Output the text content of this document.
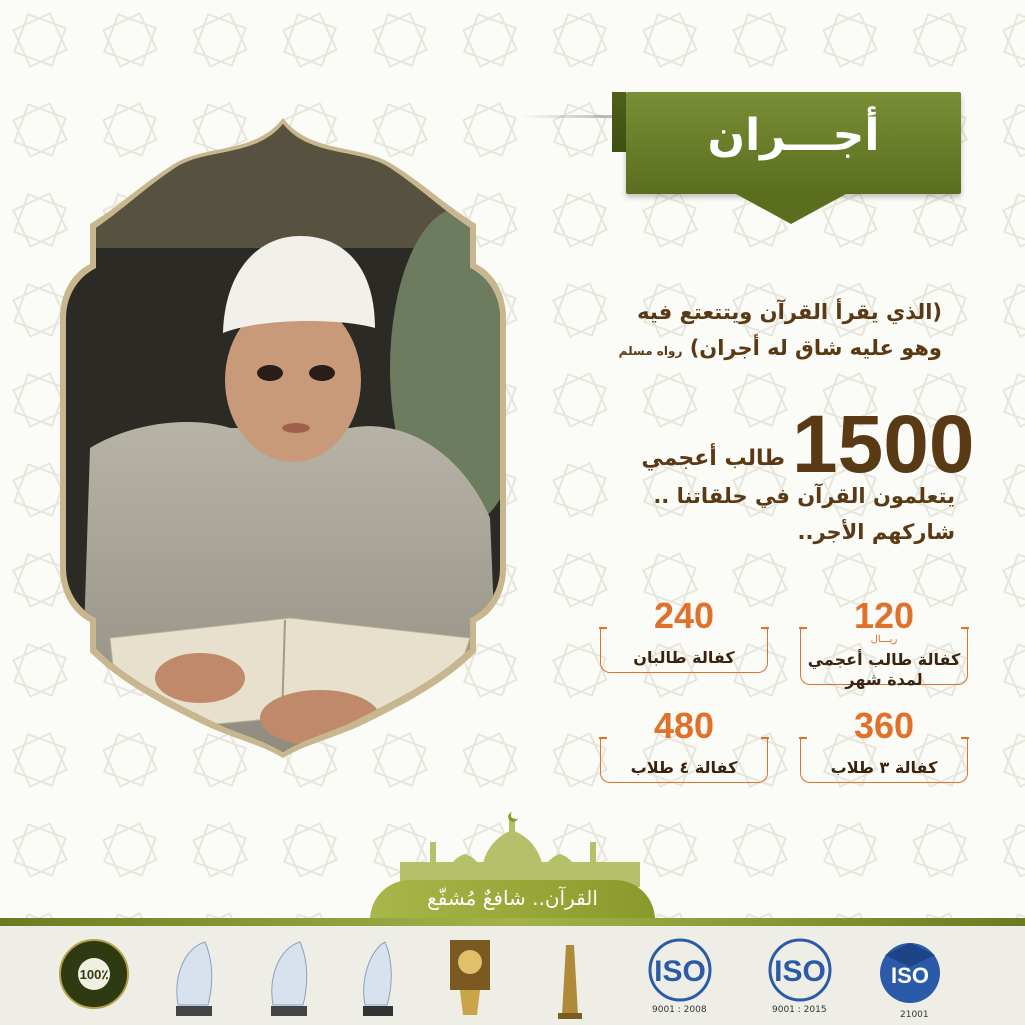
أجـــران
(الذي يقرأ القرآن ويتتعتع فيه
وهو عليه شاق له أجران) رواه مسلم
1500
طالب أعجمي
يتعلمون القرآن في حلقاتنا ..
شاركهم الأجر..
120
ريـــال
كفالة طالب أعجمي لمدة شهر
240
كفالة طالبان
360
كفالة ٣ طلاب
480
كفالة ٤ طلاب
القرآن.. شافعٌ مُشفّع
ISO
21001
ISO
9001 : 2015
ISO
9001 : 2008
100٪
